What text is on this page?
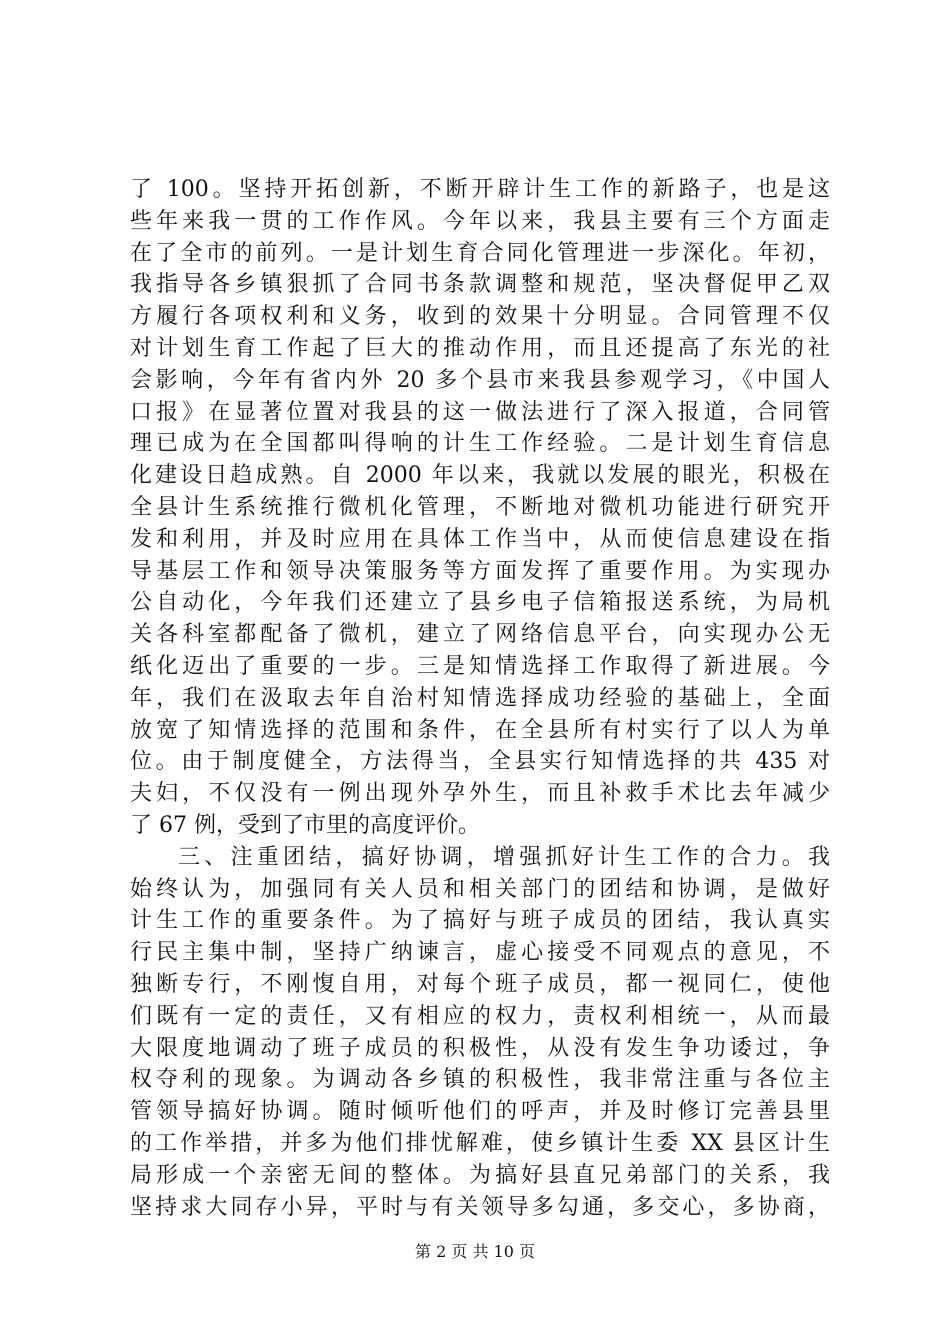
了 100。坚持开拓创新，不断开辟计生工作的新路子，也是这
些年来我一贯的工作作风。今年以来，我县主要有三个方面走
在了全市的前列。一是计划生育合同化管理进一步深化。年初，
我指导各乡镇狠抓了合同书条款调整和规范，坚决督促甲乙双
方履行各项权利和义务，收到的效果十分明显。合同管理不仅
对计划生育工作起了巨大的推动作用，而且还提高了东光的社
会影响，今年有省内外 20 多个县市来我县参观学习，《中国人
口报》在显著位置对我县的这一做法进行了深入报道，合同管
理已成为在全国都叫得响的计生工作经验。二是计划生育信息
化建设日趋成熟。自 2000 年以来，我就以发展的眼光，积极在
全县计生系统推行微机化管理，不断地对微机功能进行研究开
发和利用，并及时应用在具体工作当中，从而使信息建设在指
导基层工作和领导决策服务等方面发挥了重要作用。为实现办
公自动化，今年我们还建立了县乡电子信箱报送系统，为局机
关各科室都配备了微机，建立了网络信息平台，向实现办公无
纸化迈出了重要的一步。三是知情选择工作取得了新进展。今
年，我们在汲取去年自治村知情选择成功经验的基础上，全面
放宽了知情选择的范围和条件，在全县所有村实行了以人为单
位。由于制度健全，方法得当，全县实行知情选择的共 435 对
夫妇，不仅没有一例出现外孕外生，而且补救手术比去年减少
了 67 例，受到了市里的高度评价。
三、注重团结，搞好协调，增强抓好计生工作的合力。我
始终认为，加强同有关人员和相关部门的团结和协调，是做好
计生工作的重要条件。为了搞好与班子成员的团结，我认真实
行民主集中制，坚持广纳谏言，虚心接受不同观点的意见，不
独断专行，不刚愎自用，对每个班子成员，都一视同仁，使他
们既有一定的责任，又有相应的权力，责权利相统一，从而最
大限度地调动了班子成员的积极性，从没有发生争功诿过，争
权夺利的现象。为调动各乡镇的积极性，我非常注重与各位主
管领导搞好协调。随时倾听他们的呼声，并及时修订完善县里
的工作举措，并多为他们排忧解难，使乡镇计生委 XX 县区计生
局形成一个亲密无间的整体。为搞好县直兄弟部门的关系，我
坚持求大同存小异，平时与有关领导多勾通，多交心，多协商，
第 2 页 共 10 页
